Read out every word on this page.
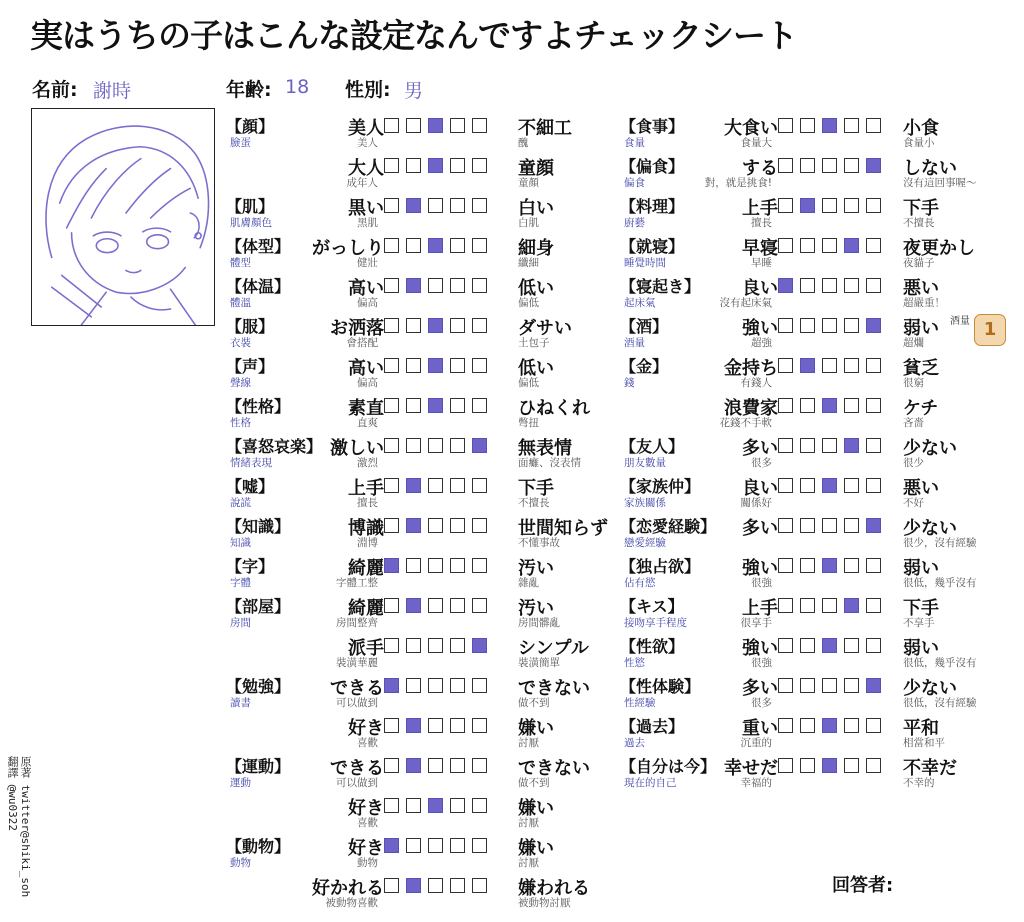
実はうちの子はこんな設定なんですよチェックシート
名前: 謝時	年齢: 18 性別: 男
【顔】
臉蛋
美人
美人
不細工
醜
大人
成年人
童顔
童顏
【肌】
肌膚顏色
黒い
黑肌
白い
白肌
【体型】
體型
がっしり
健壯
細身
纖細
【体温】
體溫
高い
偏高
低い
偏低
【服】
衣裝
お洒落
會搭配
ダサい
土包子
【声】
聲線
高い
偏高
低い
偏低
【性格】
性格
素直
直爽
ひねくれ
彆扭
【喜怒哀楽】
情緒表現
激しい
激烈
無表情
面癱、沒表情
【嘘】
說謊
上手
擅長
下手
不擅長
【知識】
知識
博識
淵博
世間知らず
不懂事故
【字】
字體
綺麗
字體工整
汚い
雜亂
【部屋】
房間
綺麗
房間整齊
汚い
房間髒亂
派手
裝潢華麗
シンプル
裝潢簡單
【勉強】
讀書
できる
可以做到
できない
做不到
好き
喜歡
嫌い
討厭
【運動】
運動
できる
可以做到
できない
做不到
好き
喜歡
嫌い
討厭
【動物】
動物
好き
動物
嫌い
討厭
好かれる
被動物喜歡
嫌われる
被動物討厭
【食事】
食量
大食い
食量大
小食
食量小
【偏食】
偏食
する
對，就是挑食!
しない
沒有這回事喔～
【料理】
廚藝
上手
擅長
下手
不擅長
【就寝】
睡覺時間
早寝
早睡
夜更かし
夜貓子
【寝起き】
起床氣
良い
沒有起床氣
悪い
超嚴重！
【酒】
酒量
強い
超強
弱い
超爛
【金】
錢
金持ち
有錢人
貧乏
很窮
浪費家
花錢不手軟
ケチ
吝嗇
【友人】
朋友數量
多い
很多
少ない
很少
【家族仲】
家族關係
良い
關係好
悪い
不好
【恋愛経験】
戀愛經驗
多い	少ない
很少，沒有經驗
【独占欲】
佔有慾
強い
很強
弱い
很低，幾乎沒有
【キス】
接吻享手程度
上手
很享手
下手
不享手
【性欲】
性慾
強い
很強
弱い
很低，幾乎沒有
【性体験】
性經驗
多い
很多
少ない
很低，沒有經驗
【過去】
過去
重い
沉重的
平和
相當和平
【自分は今】
現在的自己
幸せだ
幸福的
不幸だ
不幸的
原著 twitter@shiki_soh
翻譯 @wu0322
回答者:
酒量 1
